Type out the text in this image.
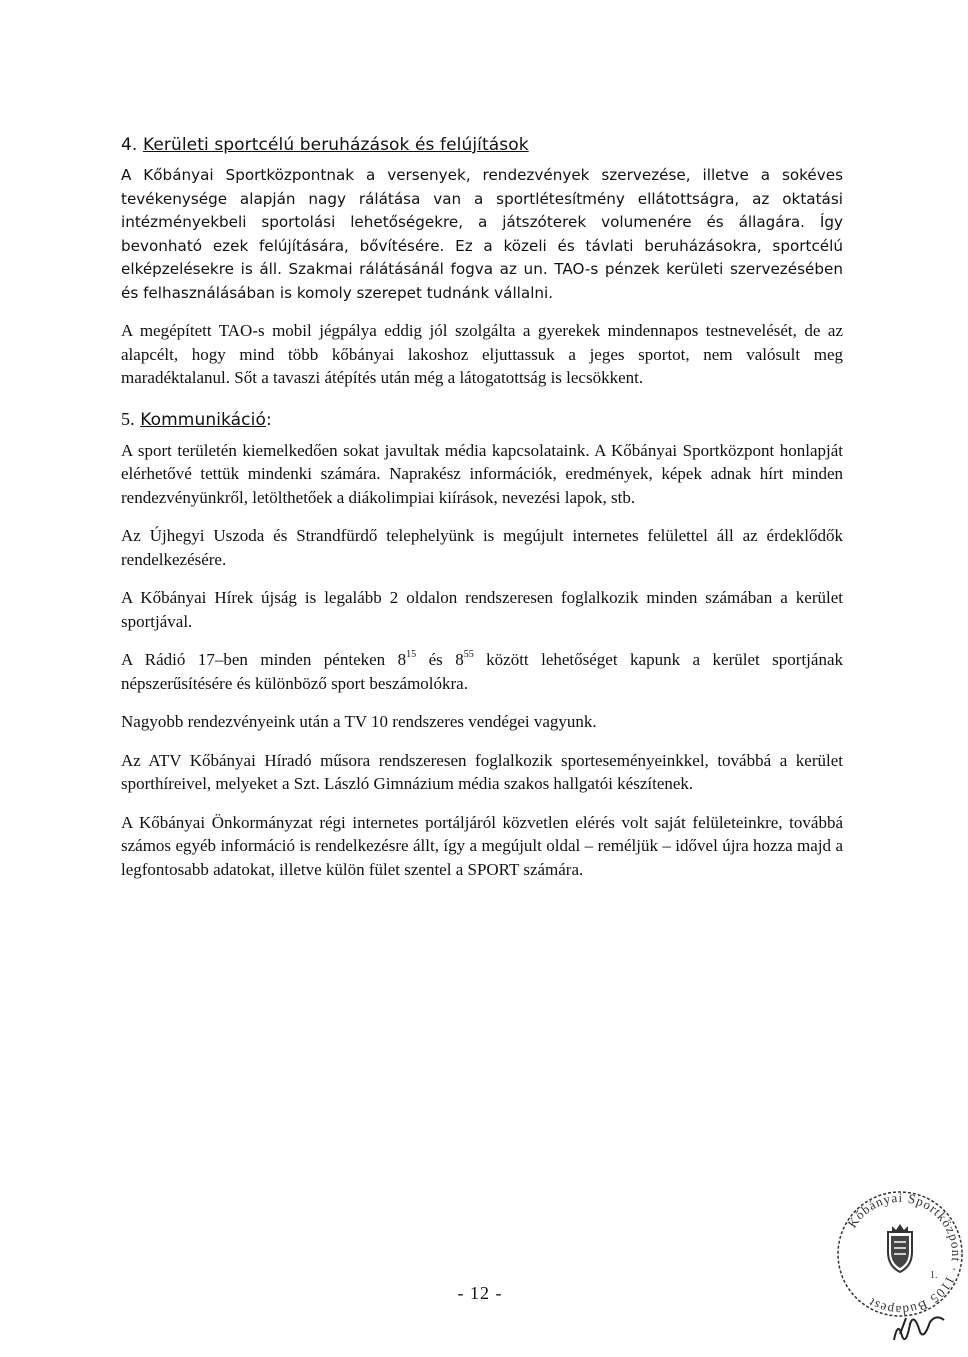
4. Kerületi sportcélú beruházások és felújítások

A Kőbányai Sportközpontnak a versenyek, rendezvények szervezése, illetve a sokéves tevékenysége alapján nagy rálátása van a sportlétesítmény ellátottságra, az oktatási intézményekbeli sportolási lehetőségekre, a játszóterek volumenére és állagára. Így bevonható ezek felújítására, bővítésére. Ez a közeli és távlati beruházásokra, sportcélú elképzelésekre is áll. Szakmai rálátásánál fogva az un. TAO-s pénzek kerületi szervezésében és felhasználásában is komoly szerepet tudnánk vállalni.

A megépített TAO-s mobil jégpálya eddig jól szolgálta a gyerekek mindennapos testnevelését, de az alapcélt, hogy mind több kőbányai lakoshoz eljuttassuk a jeges sportot, nem valósult meg maradéktalanul. Sőt a tavaszi átépítés után még a látogatottság is lecsökkent.

5. Kommunikáció:

A sport területén kiemelkedően sokat javultak média kapcsolataink. A Kőbányai Sportközpont honlapját elérhetővé tettük mindenki számára. Naprakész információk, eredmények, képek adnak hírt minden rendezvényünkről, letölthetőek a diákolimpiai kiírások, nevezési lapok, stb.

Az Újhegyi Uszoda és Strandfürdő telephelyünk is megújult internetes felülettel áll az érdeklődők rendelkezésére.

A Kőbányai Hírek újság is legalább 2 oldalon rendszeresen foglalkozik minden számában a kerület sportjával.

A Rádió 17–ben minden pénteken $8^{15}$ és $8^{55}$ között lehetőséget kapunk a kerület sportjának népszerűsítésére és különböző sport beszámolókra.

Nagyobb rendezvényeink után a TV 10 rendszeres vendégei vagyunk.

Az ATV Kőbányai Híradó műsora rendszeresen foglalkozik sporteseményeinkkel, továbbá a kerület sporthíreivel, melyeket a Szt. László Gimnázium média szakos hallgatói készítenek.

A Kőbányai Önkormányzat régi internetes portáljáról közvetlen elérés volt saját felületeinkre, továbbá számos egyéb információ is rendelkezésre állt, így a megújult oldal – reméljük – idővel újra hozza majd a legfontosabb adatokat, illetve külön fület szentel a SPORT számára.

- 12 -
Kőbányai Sportközpont · 1105 Budapest
1.
